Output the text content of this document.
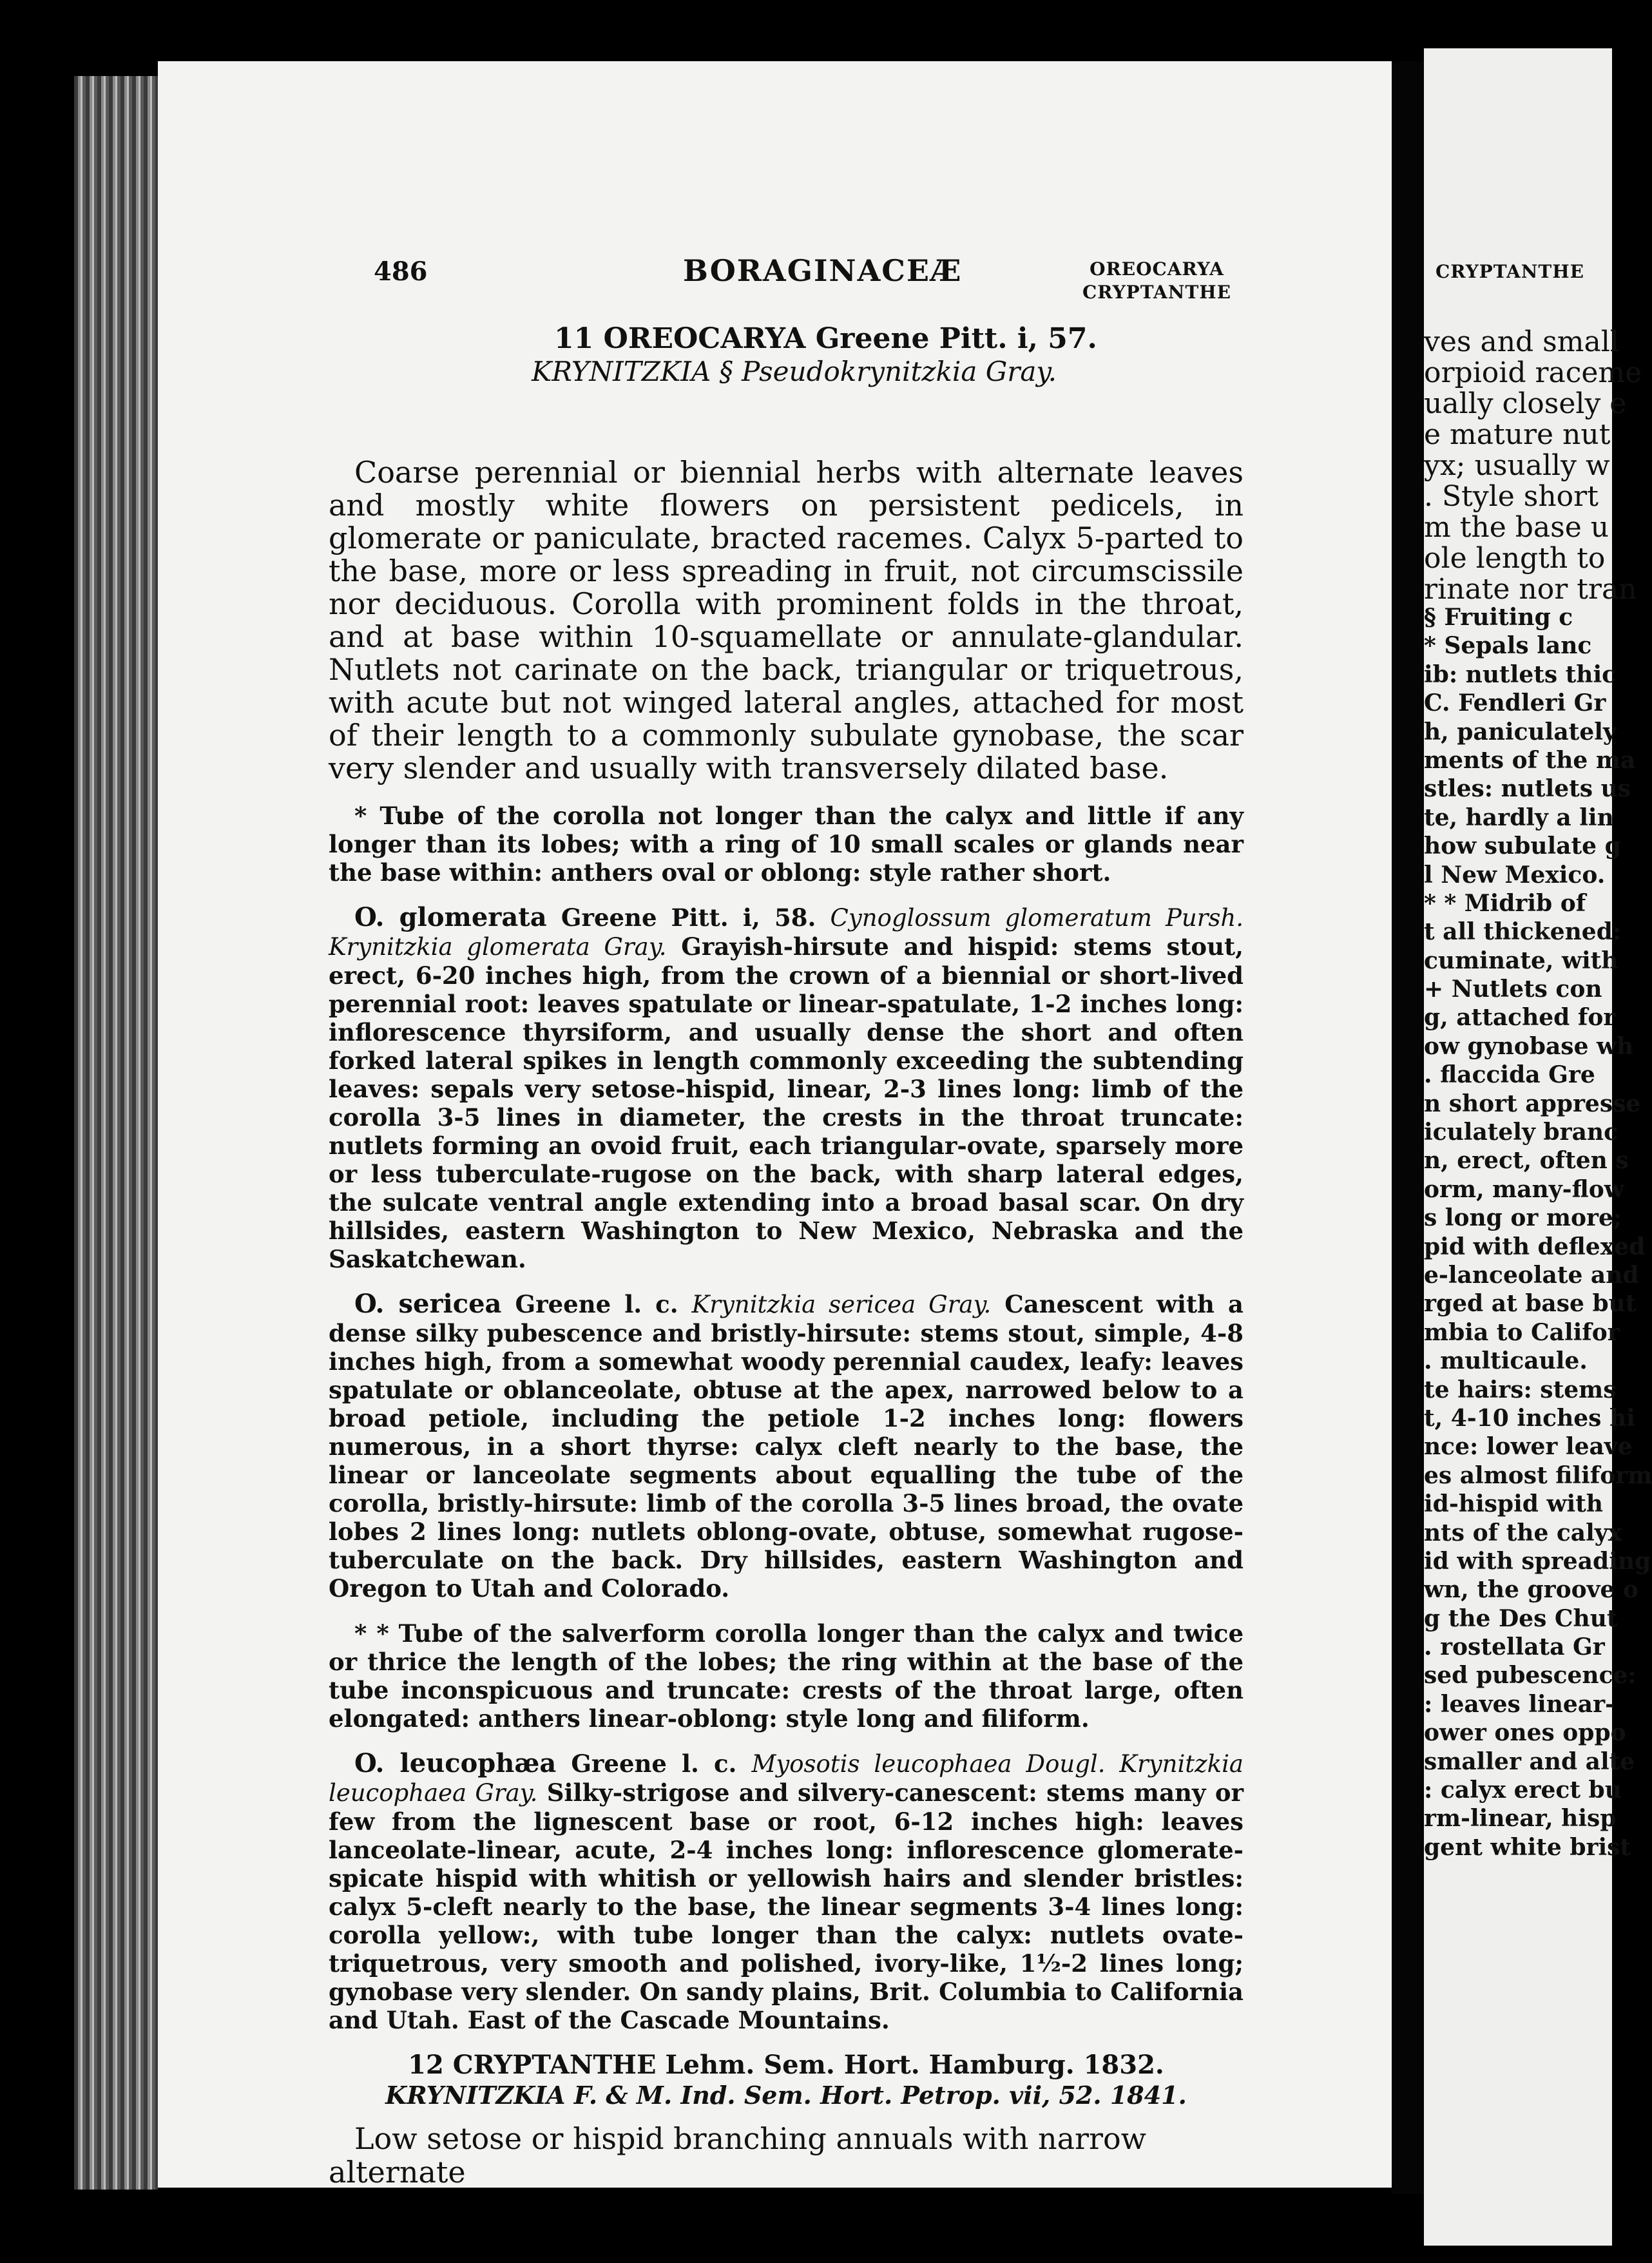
486	BORAGINACEÆ	OREOCARYA
CRYPTANTHE
11 OREOCARYA Greene Pitt. i, 57.
KRYNITZKIA § Pseudokrynitzkia Gray.

Coarse perennial or biennial herbs with alternate leaves and mostly white flowers on persistent pedicels, in glomerate or paniculate, bracted racemes. Calyx 5-parted to the base, more or less spreading in fruit, not circumscissile nor deciduous. Corolla with prominent folds in the throat, and at base within 10-squamellate or annulate-glandular. Nutlets not carinate on the back, triangular or triquetrous, with acute but not winged lateral angles, attached for most of their length to a commonly subulate gynobase, the scar very slender and usually with transversely dilated base.

* Tube of the corolla not longer than the calyx and little if any longer than its lobes; with a ring of 10 small scales or glands near the base within: anthers oval or oblong: style rather short.

O. glomerata Greene Pitt. i, 58. Cynoglossum glomeratum Pursh. Krynitzkia glomerata Gray. Grayish-hirsute and hispid: stems stout, erect, 6-20 inches high, from the crown of a biennial or short-lived perennial root: leaves spatulate or linear-spatulate, 1-2 inches long: inflorescence thyrsiform, and usually dense the short and often forked lateral spikes in length commonly exceeding the subtending leaves: sepals very setose-hispid, linear, 2-3 lines long: limb of the corolla 3-5 lines in diameter, the crests in the throat truncate: nutlets forming an ovoid fruit, each triangular-ovate, sparsely more or less tuberculate-rugose on the back, with sharp lateral edges, the sulcate ventral angle extending into a broad basal scar. On dry hillsides, eastern Washington to New Mexico, Nebraska and the Saskatchewan.

O. sericea Greene l. c. Krynitzkia sericea Gray. Canescent with a dense silky pubescence and bristly-hirsute: stems stout, simple, 4-8 inches high, from a somewhat woody perennial caudex, leafy: leaves spatulate or oblanceolate, obtuse at the apex, narrowed below to a broad petiole, including the petiole 1-2 inches long: flowers numerous, in a short thyrse: calyx cleft nearly to the base, the linear or lanceolate segments about equalling the tube of the corolla, bristly-hirsute: limb of the corolla 3-5 lines broad, the ovate lobes 2 lines long: nutlets oblong-ovate, obtuse, somewhat rugose-tuberculate on the back. Dry hillsides, eastern Washington and Oregon to Utah and Colorado.

* * Tube of the salverform corolla longer than the calyx and twice or thrice the length of the lobes; the ring within at the base of the tube inconspicuous and truncate: crests of the throat large, often elongated: anthers linear-oblong: style long and filiform.

O. leucophæa Greene l. c. Myosotis leucophaea Dougl. Krynitzkia leucophaea Gray. Silky-strigose and silvery-canescent: stems many or few from the lignescent base or root, 6-12 inches high: leaves lanceolate-linear, acute, 2-4 inches long: inflorescence glomerate-spicate hispid with whitish or yellowish hairs and slender bristles: calyx 5-cleft nearly to the base, the linear segments 3-4 lines long: corolla yellow:, with tube longer than the calyx: nutlets ovate-triquetrous, very smooth and polished, ivory-like, 1½-2 lines long; gynobase very slender. On sandy plains, Brit. Columbia to California and Utah. East of the Cascade Mountains.

12 CRYPTANTHE Lehm. Sem. Hort. Hamburg. 1832.

KRYNITZKIA F. & M. Ind. Sem. Hort. Petrop. vii, 52. 1841.

Low setose or hispid branching annuals with narrow alternate

CRYPTANTHE
ves and small
orpioid raceme
ually closely e
e mature nut
yx; usually w
. Style short
m the base u
ole length to
rinate nor tran
§ Fruiting c
* Sepals lanc
ib: nutlets thic
C. Fendleri Gr
h, paniculately
ments of the ma
stles: nutlets us
te, hardly a lin
how subulate g
l New Mexico.
* * Midrib of
t all thickened:
cuminate, with
+ Nutlets con
g, attached for
ow gynobase wh
. flaccida Gre
n short appresse
iculately branc
n, erect, often s
orm, many-flow
s long or more;
pid with deflexed
e-lanceolate and
rged at base but
mbia to Califor
. multicaule.
te hairs: stems
t, 4-10 inches hi
nce: lower leave
es almost filiform
id-hispid with
nts of the calyx
id with spreading
wn, the groove o
g the Des Chut
. rostellata Gr
sed pubescence:
: leaves linear-
ower ones oppo
smaller and alte
: calyx erect bu
rm-linear, hisp
gent white brist
